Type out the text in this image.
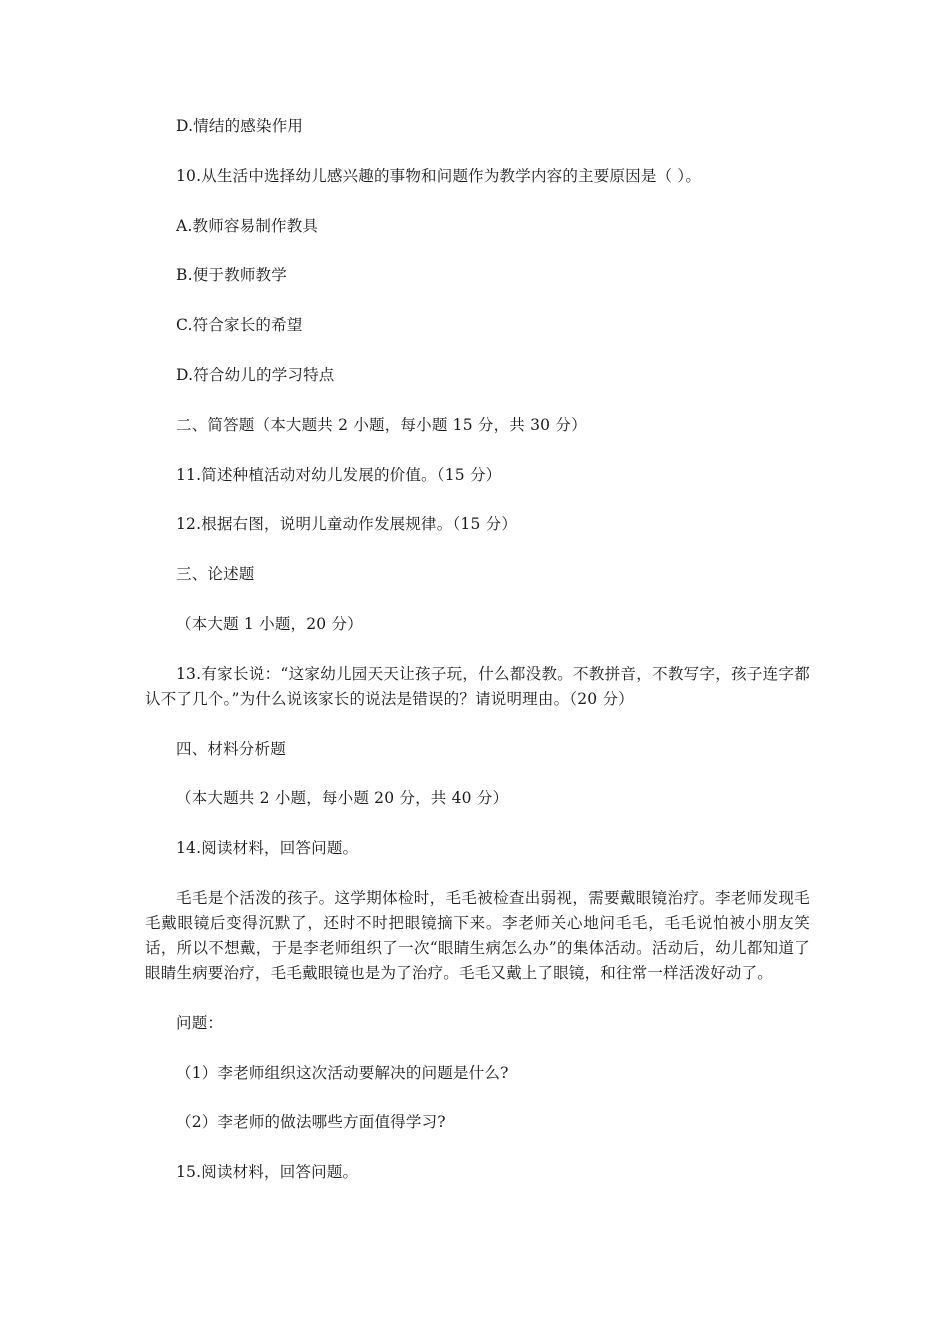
D.情结的感染作用

10.从生活中选择幼儿感兴趣的事物和问题作为教学内容的主要原因是（ ）。

A.教师容易制作教具

B.便于教师教学

C.符合家长的希望

D.符合幼儿的学习特点

二、简答题（本大题共 2 小题，每小题 15 分，共 30 分）

11.简述种植活动对幼儿发展的价值。（15 分）

12.根据右图，说明儿童动作发展规律。（15 分）

三、论述题

（本大题 1 小题，20 分）

13.有家长说：“这家幼儿园天天让孩子玩，什么都没教。不教拼音，不教写字，孩子连字都认不了几个。”为什么说该家长的说法是错误的？请说明理由。（20 分）

四、材料分析题

（本大题共 2 小题，每小题 20 分，共 40 分）

14.阅读材料，回答问题。

毛毛是个活泼的孩子。这学期体检时，毛毛被检查出弱视，需要戴眼镜治疗。李老师发现毛毛戴眼镜后变得沉默了，还时不时把眼镜摘下来。李老师关心地问毛毛，毛毛说怕被小朋友笑话，所以不想戴，于是李老师组织了一次“眼睛生病怎么办”的集体活动。活动后，幼儿都知道了眼睛生病要治疗，毛毛戴眼镜也是为了治疗。毛毛又戴上了眼镜，和往常一样活泼好动了。

问题：

（1）李老师组织这次活动要解决的问题是什么?

（2）李老师的做法哪些方面值得学习?

15.阅读材料，回答问题。
